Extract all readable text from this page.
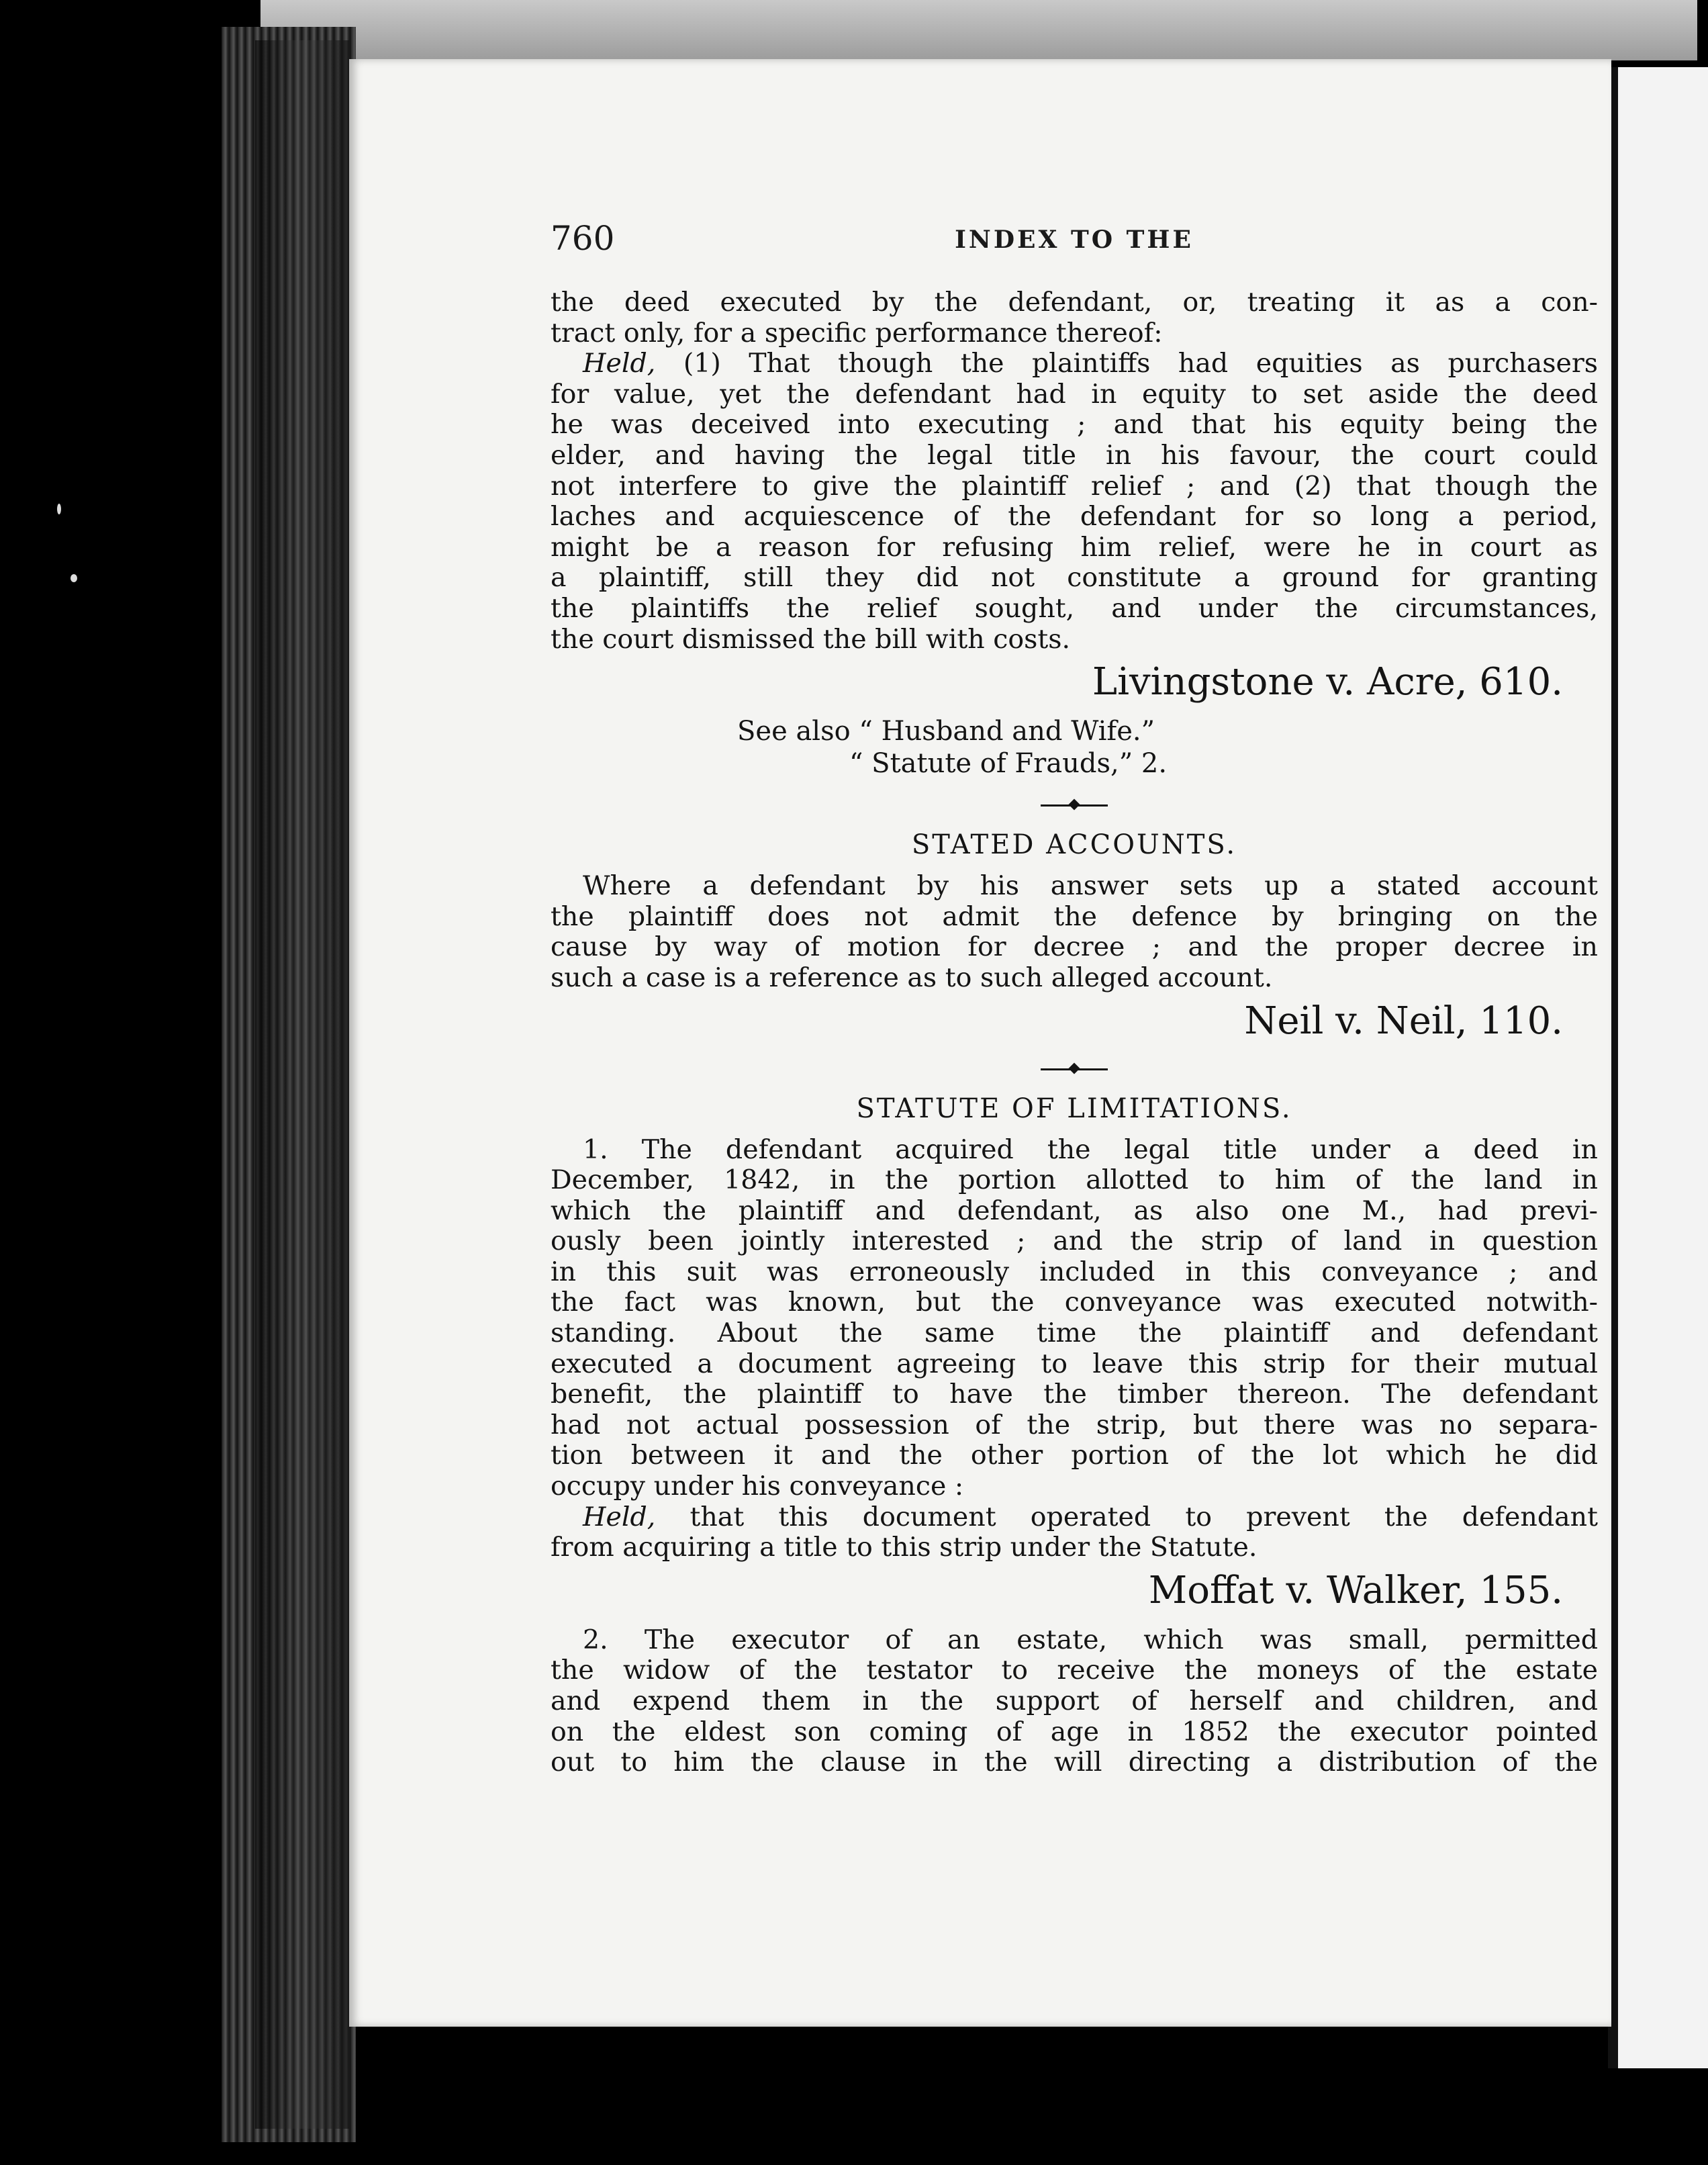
760	INDEX TO THE
the deed executed by the defendant, or, treating it as a con-
tract only, for a specific performance thereof:
Held, (1) That though the plaintiffs had equities as purchasers
for value, yet the defendant had in equity to set aside the deed
he was deceived into executing ; and that his equity being the
elder, and having the legal title in his favour, the court could
not interfere to give the plaintiff relief ; and (2) that though the
laches and acquiescence of the defendant for so long a period,
might be a reason for refusing him relief, were he in court as
a plaintiff, still they did not constitute a ground for granting
the plaintiffs the relief sought, and under the circumstances,
the court dismissed the bill with costs.
Livingstone v. Acre, 610.
See also “ Husband and Wife.”
“ Statute of Frauds,” 2.
STATED ACCOUNTS.
Where a defendant by his answer sets up a stated account
the plaintiff does not admit the defence by bringing on the
cause by way of motion for decree ; and the proper decree in
such a case is a reference as to such alleged account.
Neil v. Neil, 110.
STATUTE OF LIMITATIONS.
1. The defendant acquired the legal title under a deed in
December, 1842, in the portion allotted to him of the land in
which the plaintiff and defendant, as also one M., had previ-
ously been jointly interested ; and the strip of land in question
in this suit was erroneously included in this conveyance ; and
the fact was known, but the conveyance was executed notwith-
standing. About the same time the plaintiff and defendant
executed a document agreeing to leave this strip for their mutual
benefit, the plaintiff to have the timber thereon. The defendant
had not actual possession of the strip, but there was no separa-
tion between it and the other portion of the lot which he did
occupy under his conveyance :
Held, that this document operated to prevent the defendant
from acquiring a title to this strip under the Statute.
Moffat v. Walker, 155.
2. The executor of an estate, which was small, permitted
the widow of the testator to receive the moneys of the estate
and expend them in the support of herself and children, and
on the eldest son coming of age in 1852 the executor pointed
out to him the clause in the will directing a distribution of the
